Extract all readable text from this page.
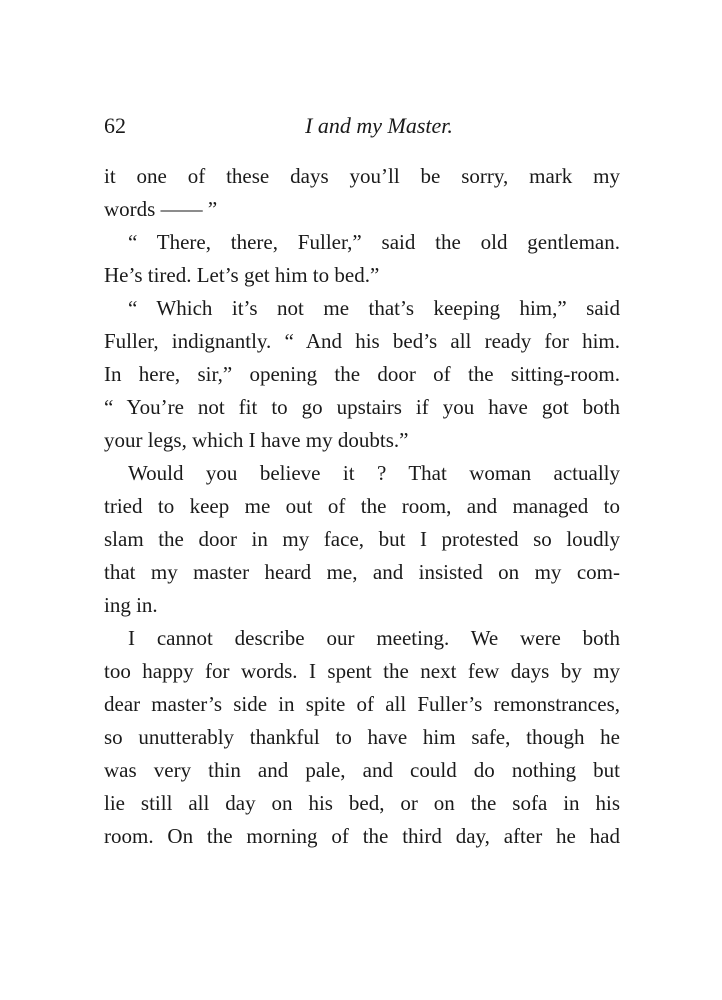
62	I and my Master.
it one of these days you’ll be sorry, mark my
words —— ”
“ There, there, Fuller,” said the old gentleman.
He’s tired. Let’s get him to bed.”
“ Which it’s not me that’s keeping him,” said
Fuller, indignantly. “ And his bed’s all ready for him.
In here, sir,” opening the door of the sitting-room.
“ You’re not fit to go upstairs if you have got both
your legs, which I have my doubts.”
Would you believe it ? That woman actually
tried to keep me out of the room, and managed to
slam the door in my face, but I protested so loudly
that my master heard me, and insisted on my com-
ing in.
I cannot describe our meeting. We were both
too happy for words. I spent the next few days by my
dear master’s side in spite of all Fuller’s remonstrances,
so unutterably thankful to have him safe, though he
was very thin and pale, and could do nothing but
lie still all day on his bed, or on the sofa in his
room. On the morning of the third day, after he had
